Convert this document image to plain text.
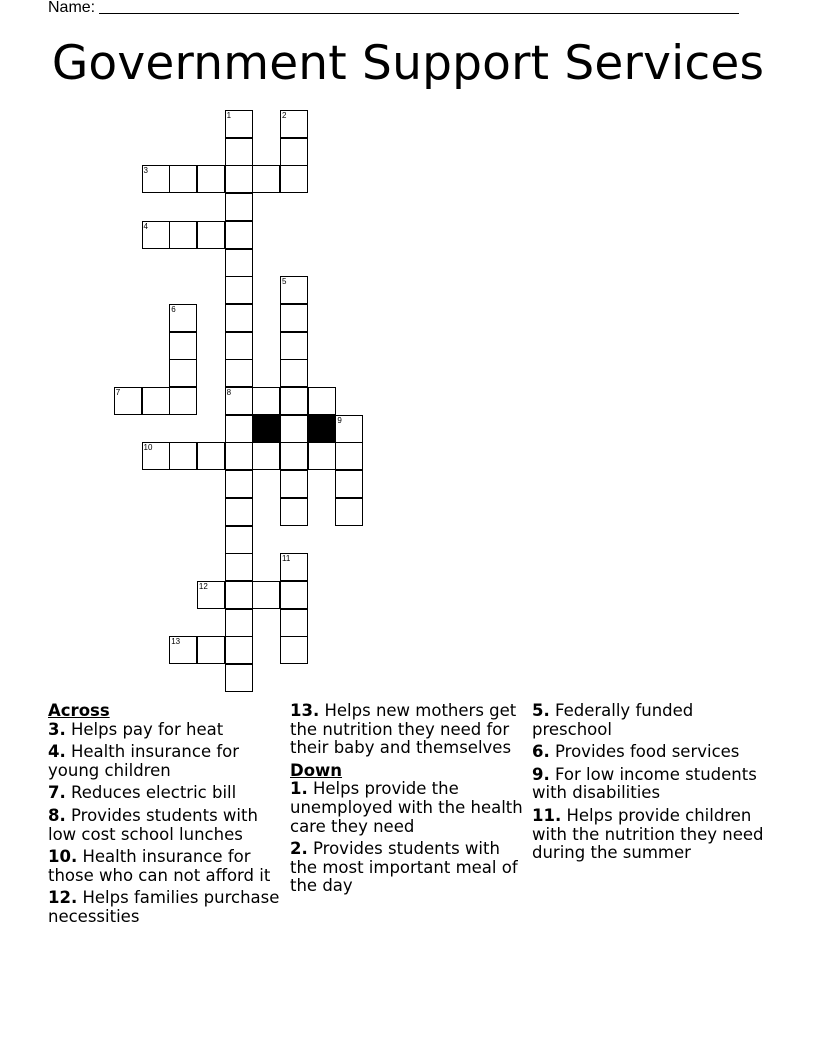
Name:
Government Support Services
1	2
3
4
5
6
7	8
9
10
11
12
13
Across
3. Helps pay for heat
4. Health insurance for young children
7. Reduces electric bill
8. Provides students with low cost school lunches
10. Health insurance for those who can not afford it
12. Helps families purchase necessities
13. Helps new mothers get the nutrition they need for their baby and themselves
Down
1. Helps provide the unemployed with the health care they need
2. Provides students with the most important meal of the day
5. Federally funded preschool
6. Provides food services
9. For low income students with disabilities
11. Helps provide children with the nutrition they need during the summer
